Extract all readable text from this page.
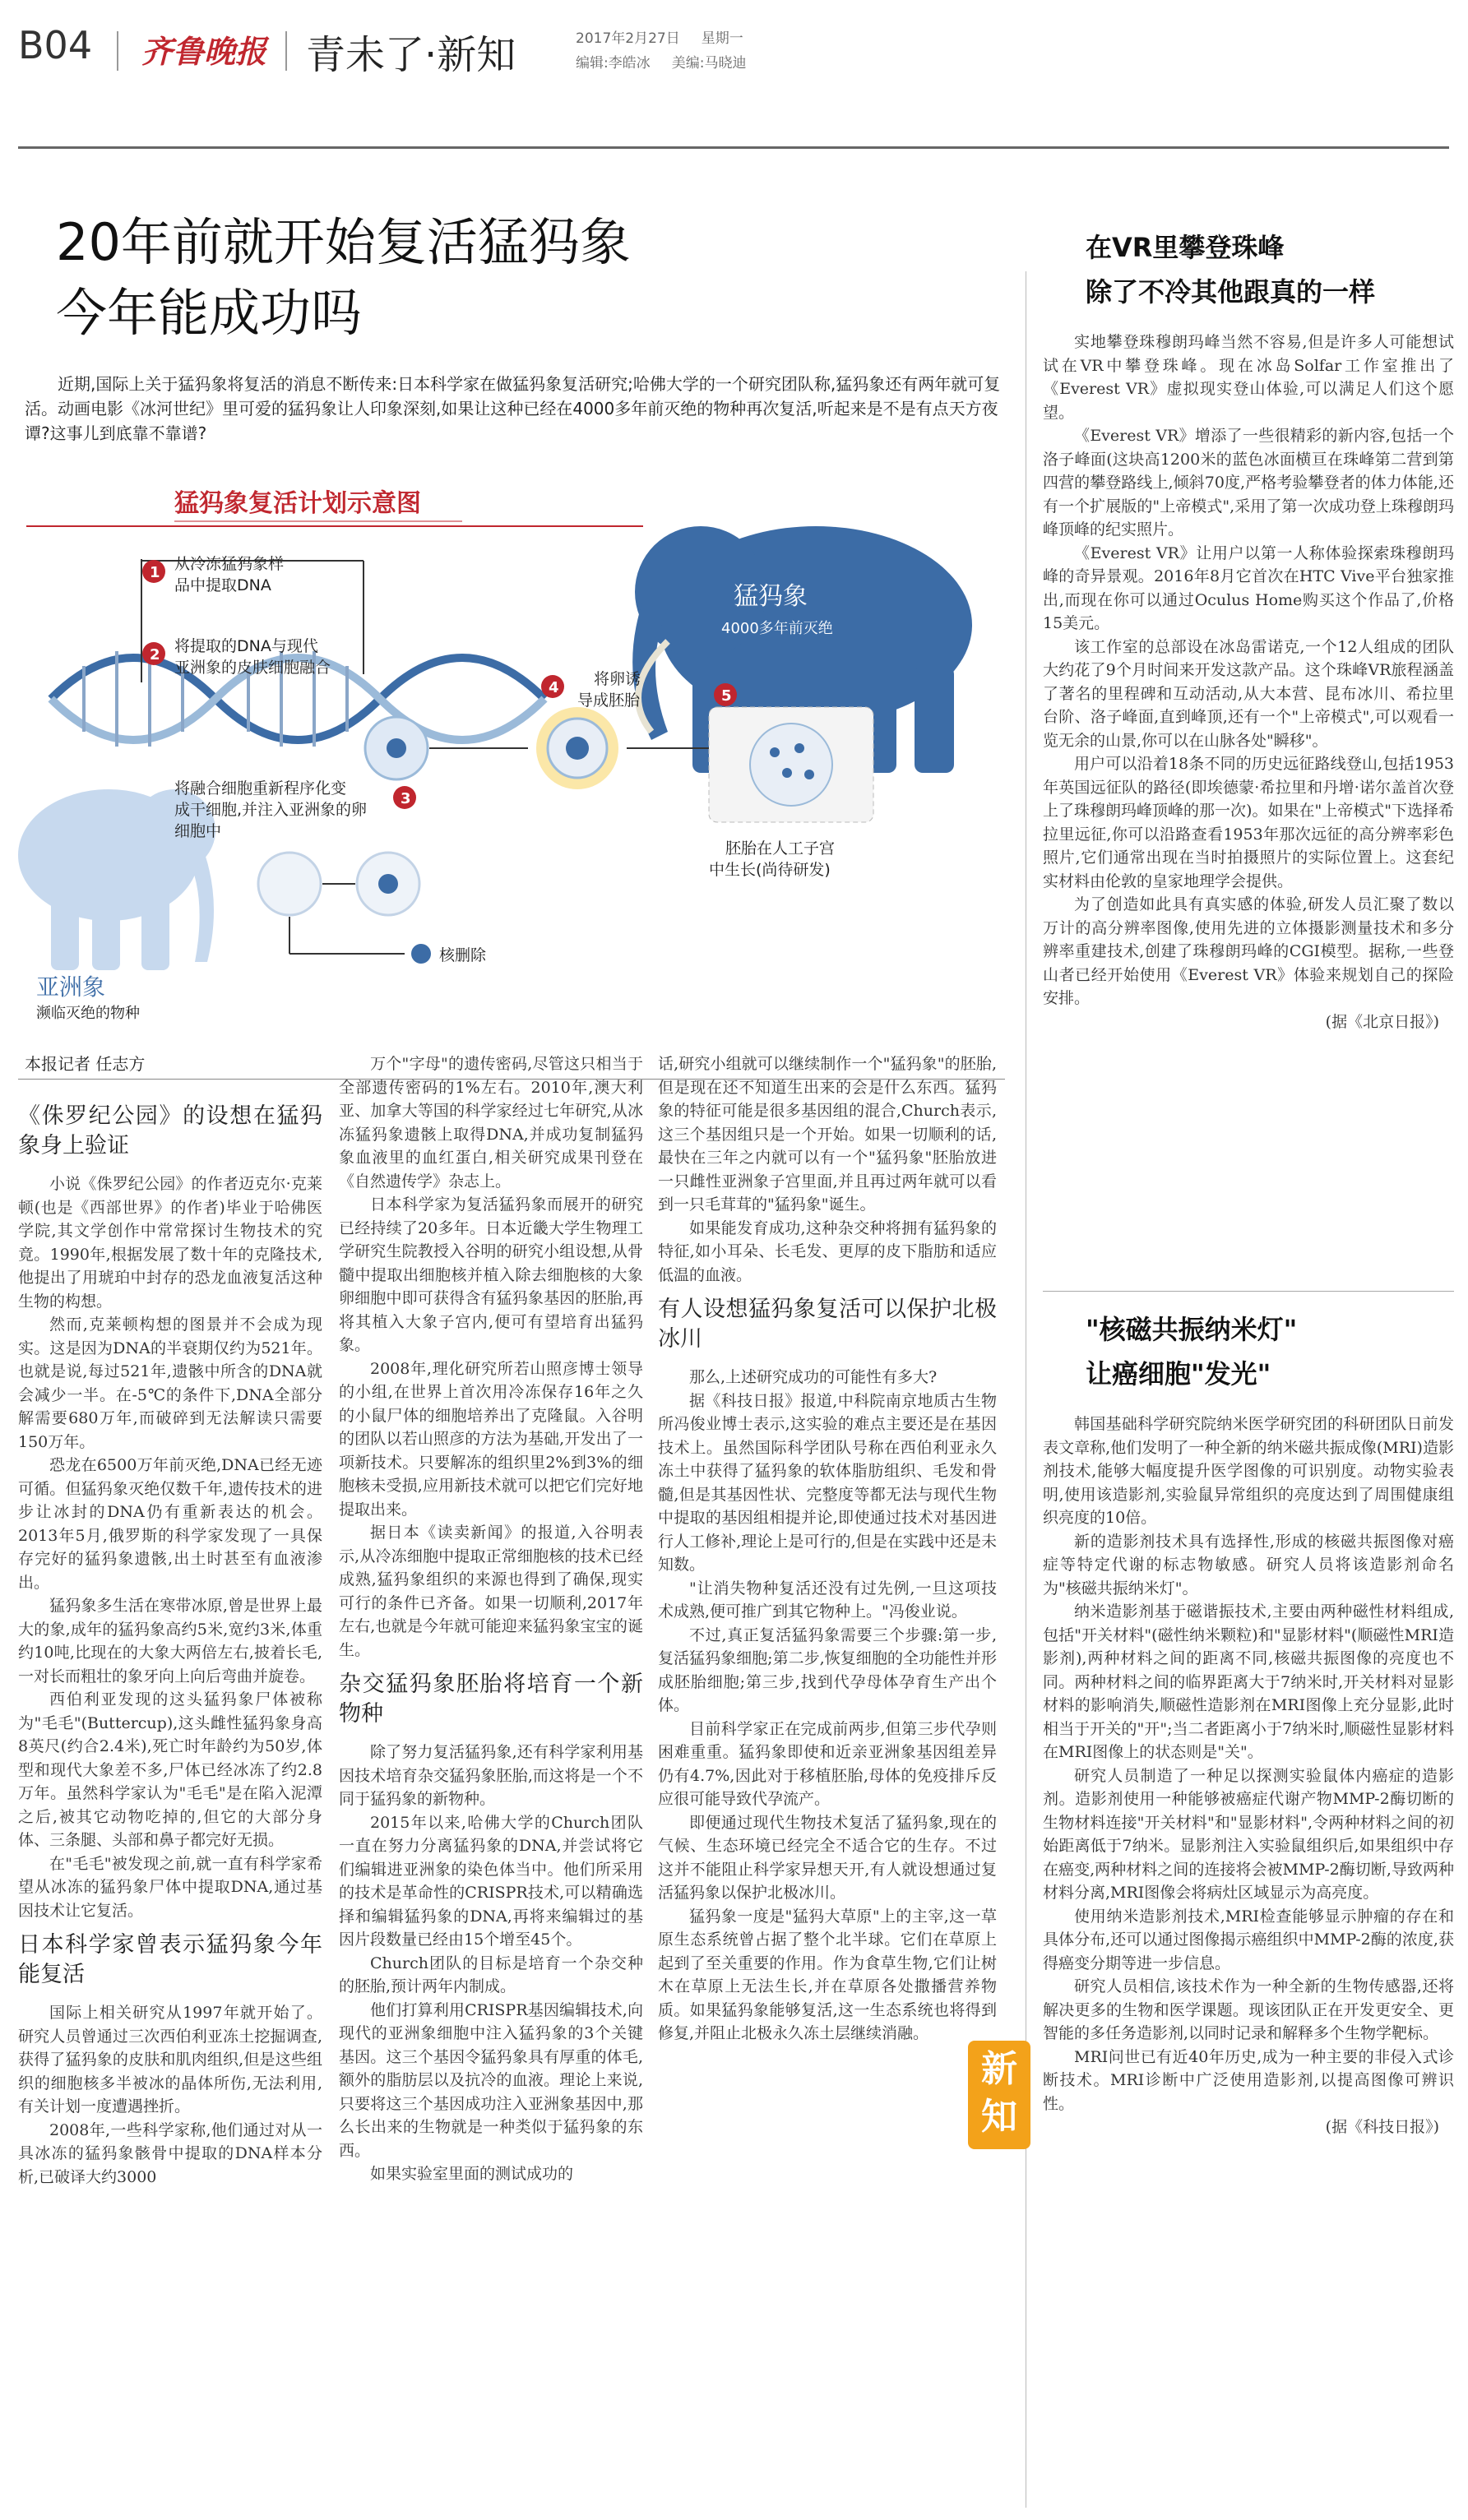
B04 齐鲁晚报 青未了·新知	2017年2月27日 星期一
编辑:李皓冰 美编:马晓迪
20年前就开始复活猛犸象
今年能成功吗
近期,国际上关于猛犸象将复活的消息不断传来:日本科学家在做猛犸象复活研究;哈佛大学的一个研究团队称,猛犸象还有两年就可复活。动画电影《冰河世纪》里可爱的猛犸象让人印象深刻,如果让这种已经在4000多年前灭绝的物种再次复活,听起来是不是有点天方夜谭?这事儿到底靠不靠谱?
猛犸象复活计划示意图
猛犸象
4000多年前灭绝
亚洲象
濒临灭绝的物种
1 从冷冻猛犸象样
品中提取DNA
2 将提取的DNA与现代
亚洲象的皮肤细胞融合
3
4 将卵诱
导成胚胎	5
将融合细胞重新程序化变
成干细胞,并注入亚洲象的卵
细胞中
核删除
胚胎在人工子宫
中生长(尚待研发)
本报记者 任志方
《侏罗纪公园》的设想在猛犸象身上验证

小说《侏罗纪公园》的作者迈克尔·克莱顿(也是《西部世界》的作者)毕业于哈佛医学院,其文学创作中常常探讨生物技术的究竟。1990年,根据发展了数十年的克隆技术,他提出了用琥珀中封存的恐龙血液复活这种生物的构想。

然而,克莱顿构想的图景并不会成为现实。这是因为DNA的半衰期仅约为521年。也就是说,每过521年,遗骸中所含的DNA就会减少一半。在-5℃的条件下,DNA全部分解需要680万年,而破碎到无法解读只需要150万年。

恐龙在6500万年前灭绝,DNA已经无迹可循。但猛犸象灭绝仅数千年,遗传技术的进步让冰封的DNA仍有重新表达的机会。2013年5月,俄罗斯的科学家发现了一具保存完好的猛犸象遗骸,出土时甚至有血液渗出。

猛犸象多生活在寒带冰原,曾是世界上最大的象,成年的猛犸象高约5米,宽约3米,体重约10吨,比现在的大象大两倍左右,披着长毛,一对长而粗壮的象牙向上向后弯曲并旋卷。

西伯利亚发现的这头猛犸象尸体被称为"毛毛"(Buttercup),这头雌性猛犸象身高8英尺(约合2.4米),死亡时年龄约为50岁,体型和现代大象差不多,尸体已经冰冻了约2.8万年。虽然科学家认为"毛毛"是在陷入泥潭之后,被其它动物吃掉的,但它的大部分身体、三条腿、头部和鼻子都完好无损。

在"毛毛"被发现之前,就一直有科学家希望从冰冻的猛犸象尸体中提取DNA,通过基因技术让它复活。

日本科学家曾表示猛犸象今年能复活

国际上相关研究从1997年就开始了。研究人员曾通过三次西伯利亚冻土挖掘调查,获得了猛犸象的皮肤和肌肉组织,但是这些组织的细胞核多半被冰的晶体所伤,无法利用,有关计划一度遭遇挫折。

2008年,一些科学家称,他们通过对从一具冰冻的猛犸象骸骨中提取的DNA样本分析,已破译大约3000

万个"字母"的遗传密码,尽管这只相当于全部遗传密码的1%左右。2010年,澳大利亚、加拿大等国的科学家经过七年研究,从冰冻猛犸象遗骸上取得DNA,并成功复制猛犸象血液里的血红蛋白,相关研究成果刊登在《自然遗传学》杂志上。

日本科学家为复活猛犸象而展开的研究已经持续了20多年。日本近畿大学生物理工学研究生院教授入谷明的研究小组设想,从骨髓中提取出细胞核并植入除去细胞核的大象卵细胞中即可获得含有猛犸象基因的胚胎,再将其植入大象子宫内,便可有望培育出猛犸象。

2008年,理化研究所若山照彦博士领导的小组,在世界上首次用冷冻保存16年之久的小鼠尸体的细胞培养出了克隆鼠。入谷明的团队以若山照彦的方法为基础,开发出了一项新技术。只要解冻的组织里2%到3%的细胞核未受损,应用新技术就可以把它们完好地提取出来。

据日本《读卖新闻》的报道,入谷明表示,从冷冻细胞中提取正常细胞核的技术已经成熟,猛犸象组织的来源也得到了确保,现实可行的条件已齐备。如果一切顺利,2017年左右,也就是今年就可能迎来猛犸象宝宝的诞生。

杂交猛犸象胚胎将培育一个新物种

除了努力复活猛犸象,还有科学家利用基因技术培育杂交猛犸象胚胎,而这将是一个不同于猛犸象的新物种。

2015年以来,哈佛大学的Church团队一直在努力分离猛犸象的DNA,并尝试将它们编辑进亚洲象的染色体当中。他们所采用的技术是革命性的CRISPR技术,可以精确选择和编辑猛犸象的DNA,再将来编辑过的基因片段数量已经由15个增至45个。

Church团队的目标是培育一个杂交种的胚胎,预计两年内制成。

他们打算利用CRISPR基因编辑技术,向现代的亚洲象细胞中注入猛犸象的3个关键基因。这三个基因令猛犸象具有厚重的体毛,额外的脂肪层以及抗冷的血液。理论上来说,只要将这三个基因成功注入亚洲象基因中,那么长出来的生物就是一种类似于猛犸象的东西。

如果实验室里面的测试成功的

话,研究小组就可以继续制作一个"猛犸象"的胚胎,但是现在还不知道生出来的会是什么东西。猛犸象的特征可能是很多基因组的混合,Church表示,这三个基因组只是一个开始。如果一切顺利的话,最快在三年之内就可以有一个"猛犸象"胚胎放进一只雌性亚洲象子宫里面,并且再过两年就可以看到一只毛茸茸的"猛犸象"诞生。

如果能发育成功,这种杂交种将拥有猛犸象的特征,如小耳朵、长毛发、更厚的皮下脂肪和适应低温的血液。

有人设想猛犸象复活可以保护北极冰川

那么,上述研究成功的可能性有多大?

据《科技日报》报道,中科院南京地质古生物所冯俊业博士表示,这实验的难点主要还是在基因技术上。虽然国际科学团队号称在西伯利亚永久冻土中获得了猛犸象的软体脂肪组织、毛发和骨髓,但是其基因性状、完整度等都无法与现代生物中提取的基因组相提并论,即使通过技术对基因进行人工修补,理论上是可行的,但是在实践中还是未知数。

"让消失物种复活还没有过先例,一旦这项技术成熟,便可推广到其它物种上。"冯俊业说。

不过,真正复活猛犸象需要三个步骤:第一步,复活猛犸象细胞;第二步,恢复细胞的全功能性并形成胚胎细胞;第三步,找到代孕母体孕育生产出个体。

目前科学家正在完成前两步,但第三步代孕则困难重重。猛犸象即使和近亲亚洲象基因组差异仍有4.7%,因此对于移植胚胎,母体的免疫排斥反应很可能导致代孕流产。

即便通过现代生物技术复活了猛犸象,现在的气候、生态环境已经完全不适合它的生存。不过这并不能阻止科学家异想天开,有人就设想通过复活猛犸象以保护北极冰川。

猛犸象一度是"猛犸大草原"上的主宰,这一草原生态系统曾占据了整个北半球。它们在草原上起到了至关重要的作用。作为食草生物,它们让树木在草原上无法生长,并在草原各处撒播营养物质。如果猛犸象能够复活,这一生态系统也将得到修复,并阻止北极永久冻土层继续消融。

在VR里攀登珠峰
除了不冷其他跟真的一样

实地攀登珠穆朗玛峰当然不容易,但是许多人可能想试试在VR中攀登珠峰。现在冰岛Solfar工作室推出了《Everest VR》虚拟现实登山体验,可以满足人们这个愿望。

《Everest VR》增添了一些很精彩的新内容,包括一个洛子峰面(这块高1200米的蓝色冰面横亘在珠峰第二营到第四营的攀登路线上,倾斜70度,严格考验攀登者的体力体能,还有一个扩展版的"上帝模式",采用了第一次成功登上珠穆朗玛峰顶峰的纪实照片。

《Everest VR》让用户以第一人称体验探索珠穆朗玛峰的奇异景观。2016年8月它首次在HTC Vive平台独家推出,而现在你可以通过Oculus Home购买这个作品了,价格15美元。

该工作室的总部设在冰岛雷诺克,一个12人组成的团队大约花了9个月时间来开发这款产品。这个珠峰VR旅程涵盖了著名的里程碑和互动活动,从大本营、昆布冰川、希拉里台阶、洛子峰面,直到峰顶,还有一个"上帝模式",可以观看一览无余的山景,你可以在山脉各处"瞬移"。

用户可以沿着18条不同的历史远征路线登山,包括1953年英国远征队的路径(即埃德蒙·希拉里和丹增·诺尔盖首次登上了珠穆朗玛峰顶峰的那一次)。如果在"上帝模式"下选择希拉里远征,你可以沿路查看1953年那次远征的高分辨率彩色照片,它们通常出现在当时拍摄照片的实际位置上。这套纪实材料由伦敦的皇家地理学会提供。

为了创造如此具有真实感的体验,研发人员汇聚了数以万计的高分辨率图像,使用先进的立体摄影测量技术和多分辨率重建技术,创建了珠穆朗玛峰的CGI模型。据称,一些登山者已经开始使用《Everest VR》体验来规划自己的探险安排。

(据《北京日报》)

"核磁共振纳米灯"
让癌细胞"发光"

韩国基础科学研究院纳米医学研究团的科研团队日前发表文章称,他们发明了一种全新的纳米磁共振成像(MRI)造影剂技术,能够大幅度提升医学图像的可识别度。动物实验表明,使用该造影剂,实验鼠异常组织的亮度达到了周围健康组织亮度的10倍。

新的造影剂技术具有选择性,形成的核磁共振图像对癌症等特定代谢的标志物敏感。研究人员将该造影剂命名为"核磁共振纳米灯"。

纳米造影剂基于磁谐振技术,主要由两种磁性材料组成,包括"开关材料"(磁性纳米颗粒)和"显影材料"(顺磁性MRI造影剂),两种材料之间的距离不同,核磁共振图像的亮度也不同。两种材料之间的临界距离大于7纳米时,开关材料对显影材料的影响消失,顺磁性造影剂在MRI图像上充分显影,此时相当于开关的"开";当二者距离小于7纳米时,顺磁性显影材料在MRI图像上的状态则是"关"。

研究人员制造了一种足以探测实验鼠体内癌症的造影剂。造影剂使用一种能够被癌症代谢产物MMP-2酶切断的生物材料连接"开关材料"和"显影材料",令两种材料之间的初始距离低于7纳米。显影剂注入实验鼠组织后,如果组织中存在癌变,两种材料之间的连接将会被MMP-2酶切断,导致两种材料分离,MRI图像会将病灶区域显示为高亮度。

使用纳米造影剂技术,MRI检查能够显示肿瘤的存在和具体分布,还可以通过图像揭示癌组织中MMP-2酶的浓度,获得癌变分期等进一步信息。

研究人员相信,该技术作为一种全新的生物传感器,还将解决更多的生物和医学课题。现该团队正在开发更安全、更智能的多任务造影剂,以同时记录和解释多个生物学靶标。

MRI问世已有近40年历史,成为一种主要的非侵入式诊断技术。MRI诊断中广泛使用造影剂,以提高图像可辨识性。

(据《科技日报》)

新
知
